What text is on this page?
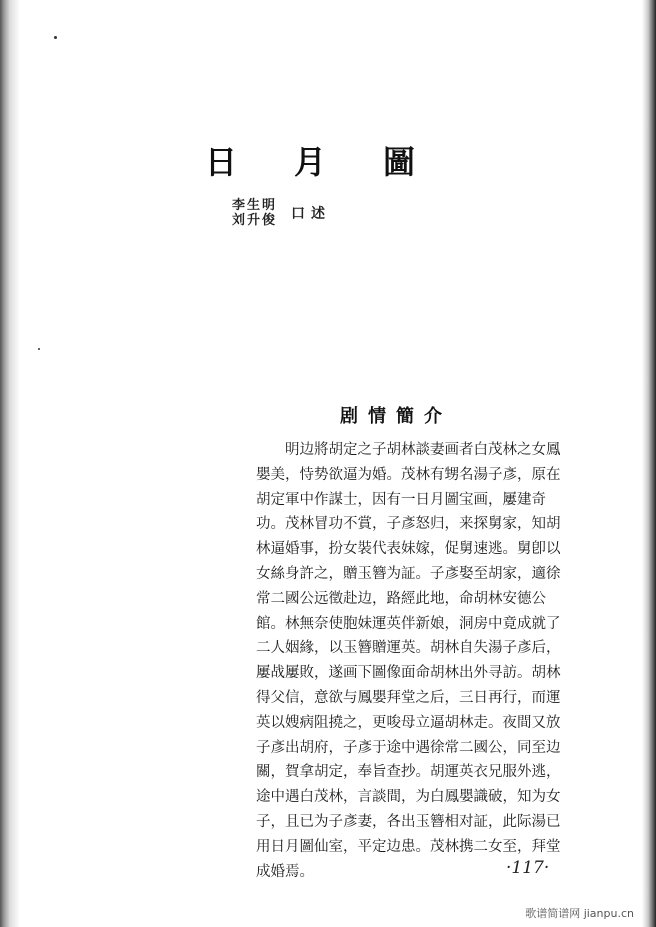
日 月 圖
李
刘
生
升
明
俊 口述
剧情簡介
明边將胡定之子胡林談妻画者白茂林之女鳳
嬰美，恃势欲逼为婚。茂林有甥名湯子彥，原在
胡定軍中作謀士，因有一日月圖宝画，屢建奇
功。茂林冒功不賞，子彥怒归，来探舅家，知胡
林逼婚事，扮女裝代表妹嫁，促舅速逃。舅卽以
女絲身許之，贈玉簪为証。子彥娶至胡家，適徐
常二國公远徵赴边，路經此地，命胡林安德公
館。林無奈使胞妹運英伴新娘，洞房中竟成就了
二人姻緣，以玉簪贈運英。胡林自失湯子彥后，
屢战屢敗，遂画下圖像面命胡林出外寻訪。胡林
得父信，意欲与鳳嬰拜堂之后，三日再行，而運
英以嫂病阻撓之，更唆母立逼胡林走。夜間又放
子彥出胡府，子彥于途中遇徐常二國公，同至边
關，賀拿胡定，奉旨查抄。胡運英衣兄服外逃，
途中遇白茂林，言談間，为白鳳嬰識破，知为女
子，且已为子彥妻，各出玉簪相对証，此际湯已
用日月圖仙室，平定边患。茂林携二女至，拜堂
成婚焉。	·117·
歌谱简谱网 jianpu.cn
